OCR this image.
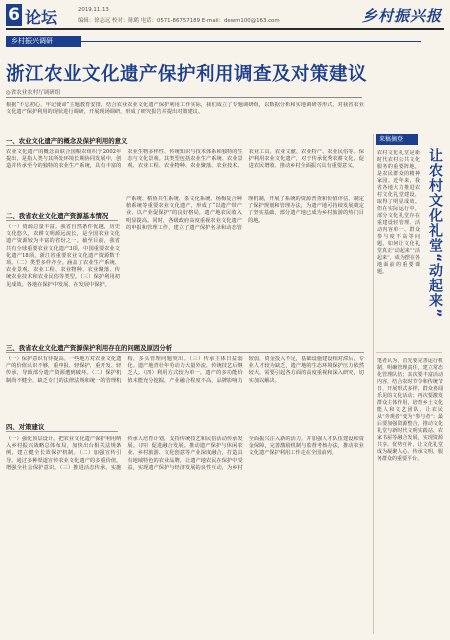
6 论坛	2019.11.13
编辑：徐志远 校对：陈鹤 电话：0571-86757189 E-mail：dewm100@163.com	乡村振兴报
乡村振兴调研
浙江农业文化遗产保护利用调查及对策建议
◎省农业农村厅调研组
根据“不忘初心、牢记使命”主题教育安排，结合农业农业文化遗产保护利用工作实际，我们成立了专题调研组，以数据分析和实地调研等形式，对我省农业文化遗产保护利用的现状进行调研，开展现场调研，形成了研究报告并提出对策建议。
一、农业文化遗产的概念及保护利用的意义
农业文化遗产的概念由联合国粮农组织于2002年提出，是指人类与其所处环境长期协同发展中，创造并传承至今的独特的农业生产系统，具有丰富的农业生物多样性、传统知识与技术体系和独特的生态与文化景观。其类型包括农业生产系统、农业景观、农业工程、农业物种、农业聚落、农业技术、农业工具、农业文献、农业特产、农业民俗等。保护利用农业文化遗产，对于传承优秀农耕文化、促进农民增收、推动乡村全面振兴具有重要意义。
二、我省农业文化遗产资源基本情况
（一）资源总量丰富。我省自然条件优越，历史文化悠久，农耕文明源远流长，是全国农业文化遗产资源较为丰富的省份之一。截至目前，我省共有全球重要农业文化遗产3项，中国重要农业文化遗产18项，浙江省重要农业文化遗产资源数千项。（二）类型多样齐全。涵盖了农业生产系统、农业景观、农业工程、农业物种、农业聚落、传统农业技术和农业民俗等类型。（三）保护利用初见成效。各地在保护中发展、在发展中保护。
产系统、稻鱼共生系统、茶文化系统、杨梅复合种植系统等重要农业文化遗产，形成了“以遗产带产业、以产业促保护”的良好格局，遗产地农民收入明显提高。同时，各级政府高度重视农业文化遗产的申报和管理工作，建立了遗产保护名录和动态管理机制，开展了系统的资源普查和价值评估，制定了保护规划和管理办法，为遗产地可持续发展奠定了坚实基础，部分遗产地已成为乡村旅游的热门目的地。
三、我省农业文化遗产资源保护利用存在的问题及原因分析
（一）保护意识有待提高。一些地方对农业文化遗产的价值认识不够，重申报、轻保护，重开发、轻传承，导致部分遗产资源遭到破坏。（二）保护机制尚不健全。缺乏专门的法律法规和统一的管理机构，多头管理问题突出。（三）传承主体日益弱化。遗产地青壮年劳动力大量外流，传统技艺后继乏人。（四）利用方式较为单一。遗产的多功能价值未能充分挖掘，产业融合程度不高，品牌影响力较弱，资金投入不足，基础设施建设相对滞后，专业人才较为缺乏，遗产地的生态环境保护压力依然较大，需要引起各方面的高度重视和深入研究，切实加以解决。
四、对策建议
（一）强化顶层设计。把农业文化遗产保护利用纳入乡村振兴战略总体布局，加快出台相关法规条例，建立健全长效保护机制。（二）加强宣传引导。通过多种渠道宣传农业文化遗产的多重价值，增强全社会保护意识。（三）推进活态传承。实施传承人培育计划，支持传统技艺和民俗活动传承发展。（四）促进融合发展。推动遗产保护与休闲农业、乡村旅游、文化创意等产业深度融合，打造具有地域特色的农业品牌，让遗产地农民在保护中受益，实现遗产保护与经济发展的良性互动，为乡村全面振兴注入新的活力，并加强人才队伍建设和资金保障，完善激励机制与监督考核办法，推动农业文化遗产保护利用工作走在全国前列。
来稿摘登
让农村文化礼堂“动起来”
农村文化礼堂是新时代农村公共文化服务的重要阵地，是农民群众的精神家园。近年来，我省各地大力推进农村文化礼堂建设，取得了明显成效。但在实际运行中，部分文化礼堂存在重建设轻管理、活动内容单一、群众参与度不高等问题。如何让文化礼堂真正“动起来”“活起来”，成为摆在各地面前的重要课题。
笔者认为，首先要完善运行机制，明确管理责任，建立常态化管理队伍；其次要丰富活动内容，结合农时节令和传统节日，开展形式多样、群众喜闻乐见的文化活动；再次要激发群众主体作用，培育乡土文化能人和文艺团队，让农民从“旁观者”变为“参与者”；最后要加强资源整合，推动文化礼堂与新时代文明实践站、农家书屋等融合发展，实现资源共享、优势互补，让文化礼堂成为凝聚人心、传承文明、服务群众的重要平台。
